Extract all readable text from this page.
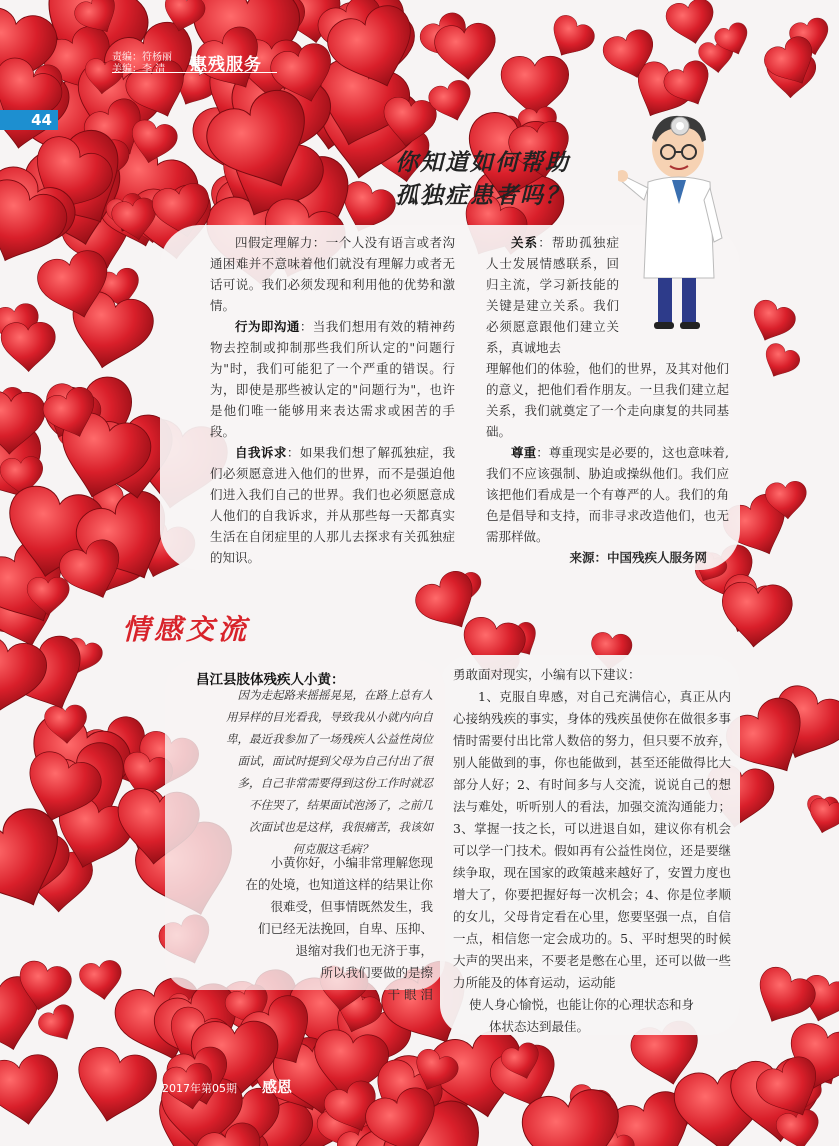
责编：符杨丽
美编：李 清	惠残服务
44
你知道如何帮助
孤独症患者吗？

四假定理解力：一个人没有语言或者沟通困难并不意味着他们就没有理解力或者无话可说。我们必须发现和利用他的优势和激情。

行为即沟通：当我们想用有效的精神药物去控制或抑制那些我们所认定的"问题行为"时，我们可能犯了一个严重的错误。行为，即使是那些被认定的"问题行为"，也许是他们唯一能够用来表达需求或困苦的手段。

自我诉求：如果我们想了解孤独症，我们必须愿意进入他们的世界，而不是强迫他们进入我们自己的世界。我们也必须愿意成人他们的自我诉求，并从那些每一天都真实生活在自闭症里的人那儿去探求有关孤独症的知识。

关系：帮助孤独症人士发展情感联系，回归主流，学习新技能的关键是建立关系。我们必须愿意跟他们建立关系，真诚地去

理解他们的体验，他们的世界，及其对他们的意义，把他们看作朋友。一旦我们建立起关系，我们就奠定了一个走向康复的共同基础。

尊重：尊重现实是必要的，这也意味着,我们不应该强制、胁迫或操纵他们。我们应该把他们看成是一个有尊严的人。我们的角色是倡导和支持，而非寻求改造他们，也无需那样做。

来源：中国残疾人服务网

情感交流
昌江县肢体残疾人小黄：
因为走起路来摇摇晃晃，在路上总有人
用异样的目光看我，导致我从小就内向自
卑，最近我参加了一场残疾人公益性岗位
面试，面试时提到父母为自己付出了很
多，自己非常需要得到这份工作时就忍
不住哭了，结果面试泡汤了，之前几
次面试也是这样，我很痛苦，我该如
何克服这毛病？
小黄你好，小编非常理解您现
在的处境，也知道这样的结果让你
很难受，但事情既然发生，我
们已经无法挽回，自卑、压抑、
退缩对我们也无济于事，
所以我们要做的是擦
干 眼 泪

勇敢面对现实，小编有以下建议：

1、克服自卑感，对自己充满信心，真正从内心接纳残疾的事实，身体的残疾虽使你在做很多事情时需要付出比常人数倍的努力，但只要不放弃，别人能做到的事，你也能做到，甚至还能做得比大部分人好；2、有时间多与人交流，说说自己的想法与难处，听听别人的看法，加强交流沟通能力；3、掌握一技之长，可以进退自如，建议你有机会可以学一门技术。假如再有公益性岗位，还是要继续争取，现在国家的政策越来越好了，安置力度也增大了，你要把握好每一次机会；4、你是位孝顺的女儿，父母肯定看在心里，您要坚强一点，自信一点，相信您一定会成功的。5、平时想哭的时候大声的哭出来，不要老是憋在心里，还可以做一些力所能及的体育运动，运动能

使人身心愉悦，也能让你的心理状态和身

体状态达到最佳。

2017年第05期 感恩
